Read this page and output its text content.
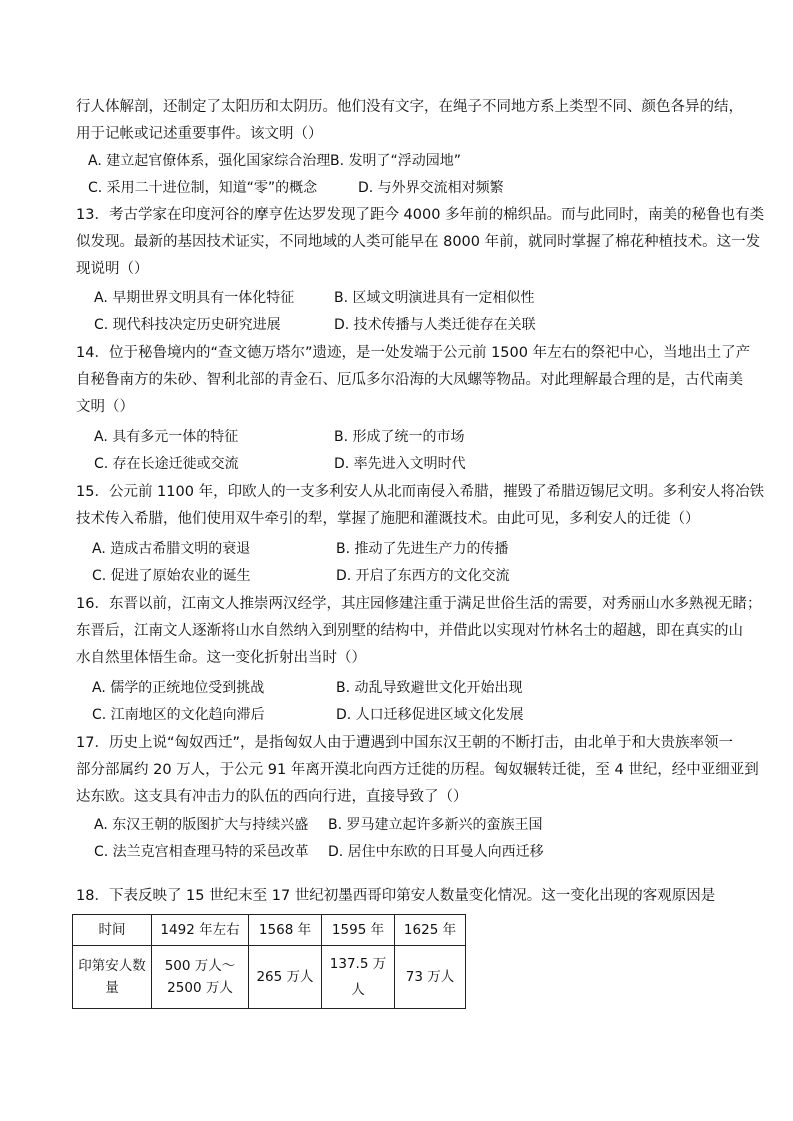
行人体解剖，还制定了太阳历和太阴历。他们没有文字，在绳子不同地方系上类型不同、颜色各异的结，
用于记帐或记述重要事件。该文明（）
A. 建立起官僚体系，强化国家综合治理 B. 发明了“浮动园地”
C. 采用二十进位制，知道“零”的概念	D. 与外界交流相对频繁
13．考古学家在印度河谷的摩亨佐达罗发现了距今 4000 多年前的棉织品。而与此同时，南美的秘鲁也有类
似发现。最新的基因技术证实，不同地域的人类可能早在 8000 年前，就同时掌握了棉花种植技术。这一发
现说明（）
A. 早期世界文明具有一体化特征	B. 区域文明演进具有一定相似性
C. 现代科技决定历史研究进展	D. 技术传播与人类迁徙存在关联
14．位于秘鲁境内的“查文德万塔尔”遗迹，是一处发端于公元前 1500 年左右的祭祀中心，当地出土了产
自秘鲁南方的朱砂、智利北部的青金石、厄瓜多尔沿海的大凤螺等物品。对此理解最合理的是，古代南美
文明（）
A. 具有多元一体的特征	B. 形成了统一的市场
C. 存在长途迁徙或交流	D. 率先进入文明时代
15．公元前 1100 年，印欧人的一支多利安人从北而南侵入希腊，摧毁了希腊迈锡尼文明。多利安人将冶铁
技术传入希腊，他们使用双牛牵引的犁，掌握了施肥和灌溉技术。由此可见，多利安人的迁徙（）
A. 造成古希腊文明的衰退	B. 推动了先进生产力的传播
C. 促进了原始农业的诞生	D. 开启了东西方的文化交流
16．东晋以前，江南文人推崇两汉经学，其庄园修建注重于满足世俗生活的需要，对秀丽山水多熟视无睹；
东晋后，江南文人逐渐将山水自然纳入到别墅的结构中，并借此以实现对竹林名士的超越，即在真实的山
水自然里体悟生命。这一变化折射出当时（）
A. 儒学的正统地位受到挑战	B. 动乱导致避世文化开始出现
C. 江南地区的文化趋向滞后	D. 人口迁移促进区域文化发展
17．历史上说“匈奴西迁”，是指匈奴人由于遭遇到中国东汉王朝的不断打击，由北单于和大贵族率领一
部分部属约 20 万人，于公元 91 年离开漠北向西方迁徙的历程。匈奴辗转迁徙，至 4 世纪，经中亚细亚到
达东欧。这支具有冲击力的队伍的西向行进，直接导致了（）
A. 东汉王朝的版图扩大与持续兴盛 B. 罗马建立起许多新兴的蛮族王国
C. 法兰克宫相查理马特的采邑改革 D. 居住中东欧的日耳曼人向西迁移
18．下表反映了 15 世纪末至 17 世纪初墨西哥印第安人数量变化情况。这一变化出现的客观原因是
时间	1492 年左右	1568 年	1595 年	1625 年
印第安人数量	500 万人～2500 万人	265 万人	137.5 万人	73 万人
